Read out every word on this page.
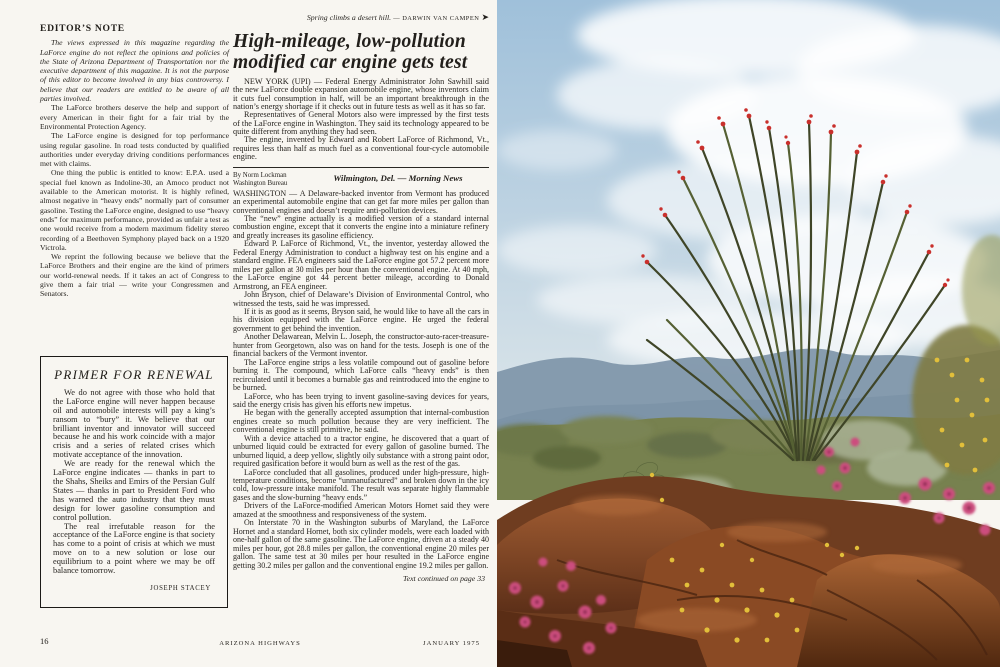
EDITOR’S NOTE

The views expressed in this magazine regarding the LaForce engine do not reflect the opinions and policies of the State of Arizona Department of Transportation nor the executive department of this magazine. It is not the purpose of this editor to become involved in any bias controversy. I believe that our readers are entitled to be aware of all parties involved.

The LaForce brothers deserve the help and support of every American in their fight for a fair trial by the Environmental Protection Agency.

The LaForce engine is designed for top performance using regular gasoline. In road tests conducted by qualified authorities under everyday driving conditions performances met with claims.

One thing the public is entitled to know: E.P.A. used a special fuel known as Indoline-30, an Amoco product not available to the American motorist. It is highly refined, almost negative in “heavy ends” normally part of consumer gasoline. Testing the LaForce engine, designed to use “heavy ends” for maximum performance, provided as unfair a test as one would receive from a modern maximum fidelity stereo recording of a Beethoven Symphony played back on a 1920 Victrola.

We reprint the following because we believe that the LaForce Brothers and their engine are the kind of primers our world-renewal needs. If it takes an act of Congress to give them a fair trial — write your Congressmen and Senators.

PRIMER FOR RENEWAL

We do not agree with those who hold that the LaForce engine will never happen because oil and automobile interests will pay a king’s ransom to “bury” it. We believe that our brilliant inventor and innovator will succeed because he and his work coincide with a major crisis and a series of related crises which motivate acceptance of the innovation.

We are ready for the renewal which the LaForce engine indicates — thanks in part to the Shahs, Sheiks and Emirs of the Persian Gulf States — thanks in part to President Ford who has warned the auto industry that they must design for lower gasoline consumption and control pollution.

The real irrefutable reason for the acceptance of the LaForce engine is that society has come to a point of crisis at which we must move on to a new solution or lose our equilibrium to a point where we may be off balance tomorrow.

JOSEPH STACEY
Spring climbs a desert hill. — DARWIN VAN CAMPEN ➤
High-mileage, low-pollution
modified car engine gets test

NEW YORK (UPI) — Federal Energy Administrator John Sawhill said the new LaForce double expansion automobile engine, whose inventors claim it cuts fuel consumption in half, will be an important breakthrough in the nation’s energy shortage if it checks out in future tests as well as it has so far.

Representatives of General Motors also were impressed by the first tests of the LaForce engine in Washington. They said its technology appeared to be quite different from anything they had seen.

The engine, invented by Edward and Robert LaForce of Richmond, Vt., requires less than half as much fuel as a conventional four-cycle automobile engine.

By Norm Lockman
Washington Bureau
Wilmington, Del. — Morning News

WASHINGTON — A Delaware-backed inventor from Vermont has produced an experimental automobile engine that can get far more miles per gallon than conventional engines and doesn’t require anti-pollution devices.

The “new” engine actually is a modified version of a standard internal combustion engine, except that it converts the engine into a miniature refinery and greatly increases its gasoline efficiency.

Edward P. LaForce of Richmond, Vt., the inventor, yesterday allowed the Federal Energy Administration to conduct a highway test on his engine and a standard engine. FEA engineers said the LaForce engine got 57.2 percent more miles per gallon at 30 miles per hour than the conventional engine. At 40 mph, the LaForce engine got 44 percent better mileage, according to Donald Armstrong, an FEA engineer.

John Bryson, chief of Delaware’s Division of Environmental Control, who witnessed the tests, said he was impressed.

If it is as good as it seems, Bryson said, he would like to have all the cars in his division equipped with the LaForce engine. He urged the federal government to get behind the invention.

Another Delawarean, Melvin L. Joseph, the constructor-auto-racer-treasure-hunter from Georgetown, also was on hand for the tests. Joseph is one of the financial backers of the Vermont inventor.

The LaForce engine strips a less volatile compound out of gasoline before burning it. The compound, which LaForce calls “heavy ends” is then recirculated until it becomes a burnable gas and reintroduced into the engine to be burned.

LaForce, who has been trying to invent gasoline-saving devices for years, said the energy crisis has given his efforts new impetus.

He began with the generally accepted assumption that internal-combustion engines create so much pollution because they are very inefficient. The conventional engine is still primitive, he said.

With a device attached to a tractor engine, he discovered that a quart of unburned liquid could be extracted for every gallon of gasoline burned. The unburned liquid, a deep yellow, slightly oily substance with a strong paint odor, required gasification before it would burn as well as the rest of the gas.

LaForce concluded that all gasolines, produced under high-pressure, high-temperature conditions, become “unmanufactured” and broken down in the icy cold, low-pressure intake manifold. The result was separate highly flammable gases and the slow-burning “heavy ends.”

Drivers of the LaForce-modified American Motors Hornet said they were amazed at the smoothness and responsiveness of the system.

On Interstate 70 in the Washington suburbs of Maryland, the LaForce Hornet and a standard Hornet, both six cylinder models, were each loaded with one-half gallon of the same gasoline. The LaForce engine, driven at a steady 40 miles per hour, got 28.8 miles per gallon, the conventional engine 20 miles per gallon. The same test at 30 miles per hour resulted in the LaForce engine getting 30.2 miles per gallon and the conventional engine 19.2 miles per gallon.

Text continued on page 33
16	ARIZONA HIGHWAYS	JANUARY 1975
